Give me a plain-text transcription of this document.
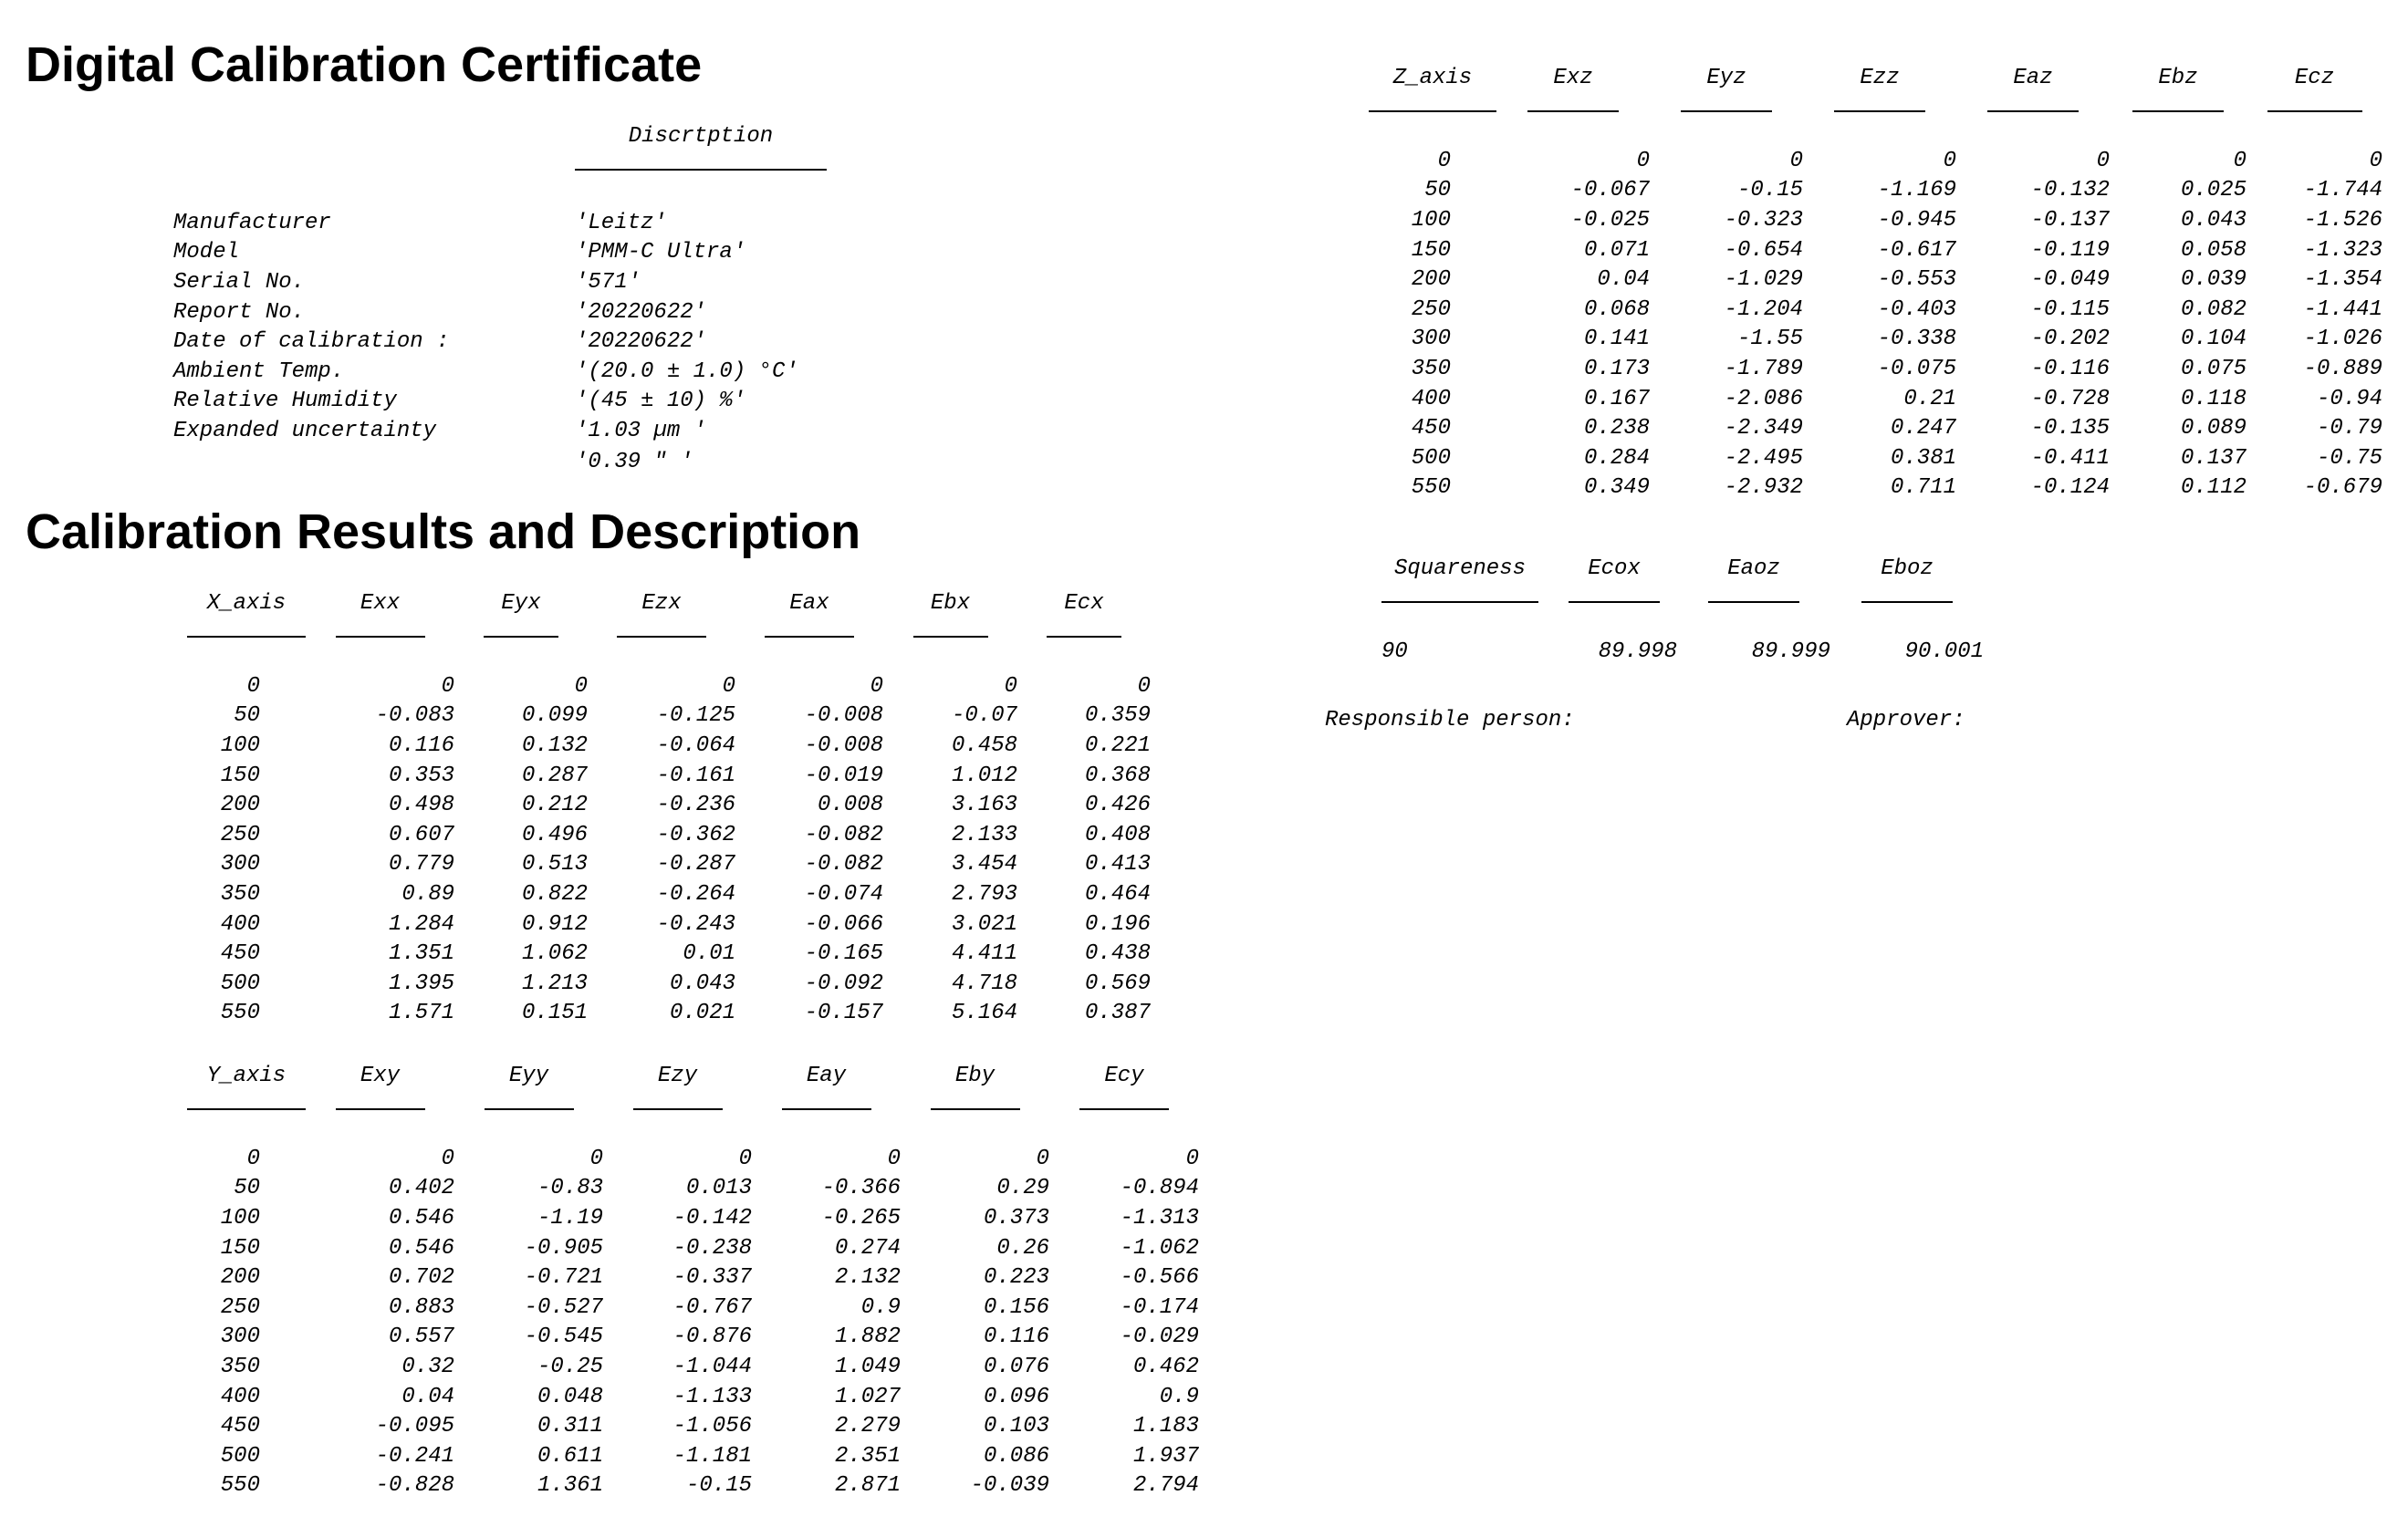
Digital Calibration Certificate
Discrtption
Manufacturer	'Leitz'
Model	'PMM-C Ultra'
Serial No.	'571'
Report No.	'20220622'
Date of calibration :	'20220622'
Ambient Temp.	'(20.0 ± 1.0) °C'
Relative Humidity	'(45 ± 10) %'
Expanded uncertainty	'1.03 µm '
'0.39 " '
Calibration Results and Description
X_axis	Exx	Eyx	Ezx	Eax	Ebx	Ecx

0	0	0	0	0	0	0
50	-0.083	0.099	-0.125	-0.008	-0.07	0.359
100	0.116	0.132	-0.064	-0.008	0.458	0.221
150	0.353	0.287	-0.161	-0.019	1.012	0.368
200	0.498	0.212	-0.236	0.008	3.163	0.426
250	0.607	0.496	-0.362	-0.082	2.133	0.408
300	0.779	0.513	-0.287	-0.082	3.454	0.413
350	0.89	0.822	-0.264	-0.074	2.793	0.464
400	1.284	0.912	-0.243	-0.066	3.021	0.196
450	1.351	1.062	0.01	-0.165	4.411	0.438
500	1.395	1.213	0.043	-0.092	4.718	0.569
550	1.571	0.151	0.021	-0.157	5.164	0.387
Y_axis	Exy	Eyy	Ezy	Eay	Eby	Ecy

0	0	0	0	0	0	0
50	0.402	-0.83	0.013	-0.366	0.29	-0.894
100	0.546	-1.19	-0.142	-0.265	0.373	-1.313
150	0.546	-0.905	-0.238	0.274	0.26	-1.062
200	0.702	-0.721	-0.337	2.132	0.223	-0.566
250	0.883	-0.527	-0.767	0.9	0.156	-0.174
300	0.557	-0.545	-0.876	1.882	0.116	-0.029
350	0.32	-0.25	-1.044	1.049	0.076	0.462
400	0.04	0.048	-1.133	1.027	0.096	0.9
450	-0.095	0.311	-1.056	2.279	0.103	1.183
500	-0.241	0.611	-1.181	2.351	0.086	1.937
550	-0.828	1.361	-0.15	2.871	-0.039	2.794
Z_axis	Exz	Eyz	Ezz	Eaz	Ebz	Ecz

0	0	0	0	0	0	0
50	-0.067	-0.15	-1.169	-0.132	0.025	-1.744
100	-0.025	-0.323	-0.945	-0.137	0.043	-1.526
150	0.071	-0.654	-0.617	-0.119	0.058	-1.323
200	0.04	-1.029	-0.553	-0.049	0.039	-1.354
250	0.068	-1.204	-0.403	-0.115	0.082	-1.441
300	0.141	-1.55	-0.338	-0.202	0.104	-1.026
350	0.173	-1.789	-0.075	-0.116	0.075	-0.889
400	0.167	-2.086	0.21	-0.728	0.118	-0.94
450	0.238	-2.349	0.247	-0.135	0.089	-0.79
500	0.284	-2.495	0.381	-0.411	0.137	-0.75
550	0.349	-2.932	0.711	-0.124	0.112	-0.679
Squareness	Ecox	Eaoz	Eboz

90	89.998	89.999	90.001
Responsible person:	Approver:
